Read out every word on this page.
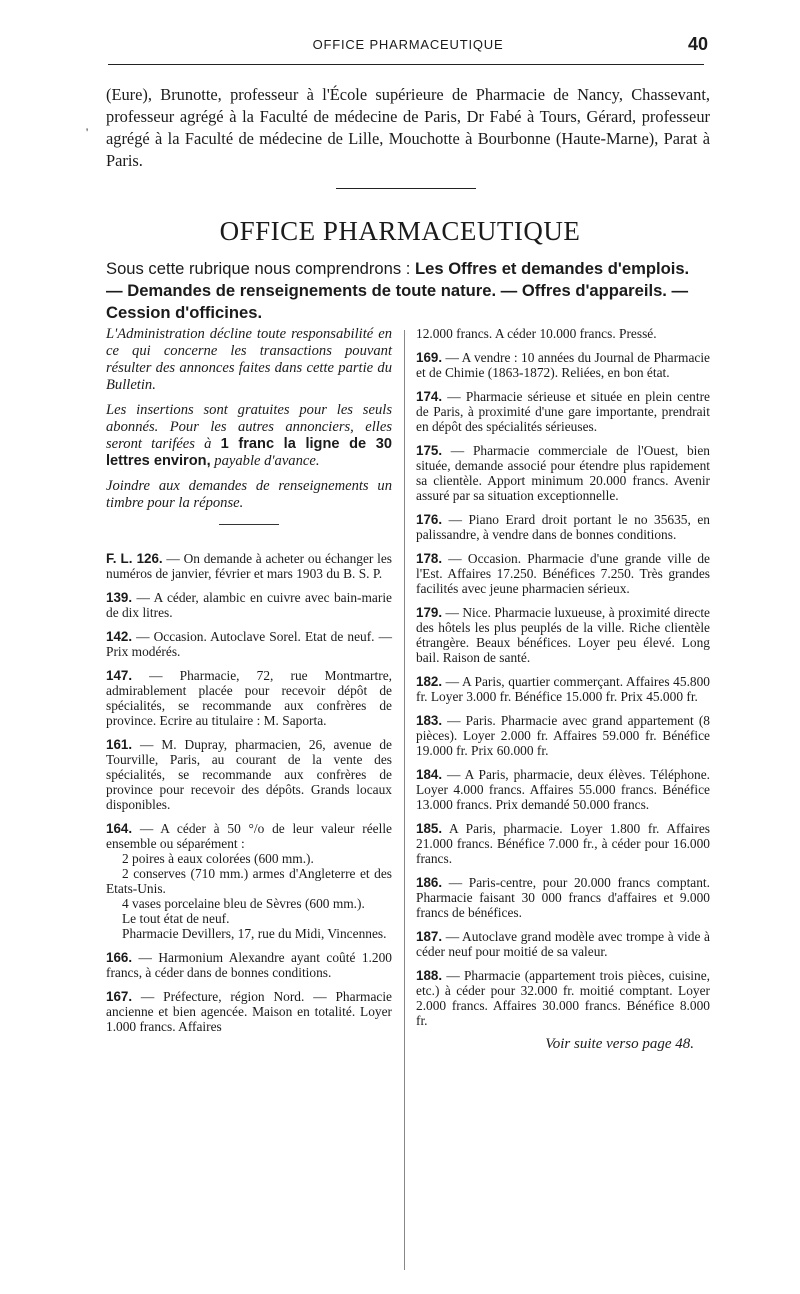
OFFICE PHARMACEUTIQUE	40
'

(Eure), Brunotte, professeur à l'École supérieure de Pharmacie de Nancy, Chassevant, professeur agrégé à la Faculté de médecine de Paris, Dr Fabé à Tours, Gérard, professeur agrégé à la Faculté de médecine de Lille, Mouchotte à Bourbonne (Haute-Marne), Parat à Paris.

OFFICE PHARMACEUTIQUE

Sous cette rubrique nous comprendrons : Les Offres et demandes d'emplois. — Demandes de renseignements de toute nature. — Offres d'appareils. — Cession d'officines.

L'Administration décline toute responsabilité en ce qui concerne les transactions pouvant résulter des annonces faites dans cette partie du Bulletin.

Les insertions sont gratuites pour les seuls abonnés. Pour les autres annonciers, elles seront tarifées à 1 franc la ligne de 30 lettres environ, payable d'avance.

Joindre aux demandes de renseignements un timbre pour la réponse.

F. L. 126. — On demande à acheter ou échanger les numéros de janvier, février et mars 1903 du B. S. P.
139. — A céder, alambic en cuivre avec bain-marie de dix litres.
142. — Occasion. Autoclave Sorel. Etat de neuf. — Prix modérés.
147. — Pharmacie, 72, rue Montmartre, admirablement placée pour recevoir dépôt de spécialités, se recommande aux confrères de province. Ecrire au titulaire : M. Saporta.
161. — M. Dupray, pharmacien, 26, avenue de Tourville, Paris, au courant de la vente des spécialités, se recommande aux confrères de province pour recevoir des dépôts. Grands locaux disponibles.
164. — A céder à 50 °/o de leur valeur réelle ensemble ou séparément :
2 poires à eaux colorées (600 mm.).
2 conserves (710 mm.) armes d'Angleterre et des Etats-Unis.
4 vases porcelaine bleu de Sèvres (600 mm.).
Le tout état de neuf.
Pharmacie Devillers, 17, rue du Midi, Vincennes.
166. — Harmonium Alexandre ayant coûté 1.200 francs, à céder dans de bonnes conditions.
167. — Préfecture, région Nord. — Pharmacie ancienne et bien agencée. Maison en totalité. Loyer 1.000 francs. Affaires
12.000 francs. A céder 10.000 francs. Pressé.
169. — A vendre : 10 années du Journal de Pharmacie et de Chimie (1863-1872). Reliées, en bon état.
174. — Pharmacie sérieuse et située en plein centre de Paris, à proximité d'une gare importante, prendrait en dépôt des spécialités sérieuses.
175. — Pharmacie commerciale de l'Ouest, bien située, demande associé pour étendre plus rapidement sa clientèle. Apport minimum 20.000 francs. Avenir assuré par sa situation exceptionnelle.
176. — Piano Erard droit portant le no 35635, en palissandre, à vendre dans de bonnes conditions.
178. — Occasion. Pharmacie d'une grande ville de l'Est. Affaires 17.250. Bénéfices 7.250. Très grandes facilités avec jeune pharmacien sérieux.
179. — Nice. Pharmacie luxueuse, à proximité directe des hôtels les plus peuplés de la ville. Riche clientèle étrangère. Beaux bénéfices. Loyer peu élevé. Long bail. Raison de santé.
182. — A Paris, quartier commerçant. Affaires 45.800 fr. Loyer 3.000 fr. Bénéfice 15.000 fr. Prix 45.000 fr.
183. — Paris. Pharmacie avec grand appartement (8 pièces). Loyer 2.000 fr. Affaires 59.000 fr. Bénéfice 19.000 fr. Prix 60.000 fr.
184. — A Paris, pharmacie, deux élèves. Téléphone. Loyer 4.000 francs. Affaires 55.000 francs. Bénéfice 13.000 francs. Prix demandé 50.000 francs.
185. A Paris, pharmacie. Loyer 1.800 fr. Affaires 21.000 francs. Bénéfice 7.000 fr., à céder pour 16.000 francs.
186. — Paris-centre, pour 20.000 francs comptant. Pharmacie faisant 30 000 francs d'affaires et 9.000 francs de bénéfices.
187. — Autoclave grand modèle avec trompe à vide à céder neuf pour moitié de sa valeur.
188. — Pharmacie (appartement trois pièces, cuisine, etc.) à céder pour 32.000 fr. moitié comptant. Loyer 2.000 francs. Affaires 30.000 francs. Bénéfice 8.000 fr.
Voir suite verso page 48.
